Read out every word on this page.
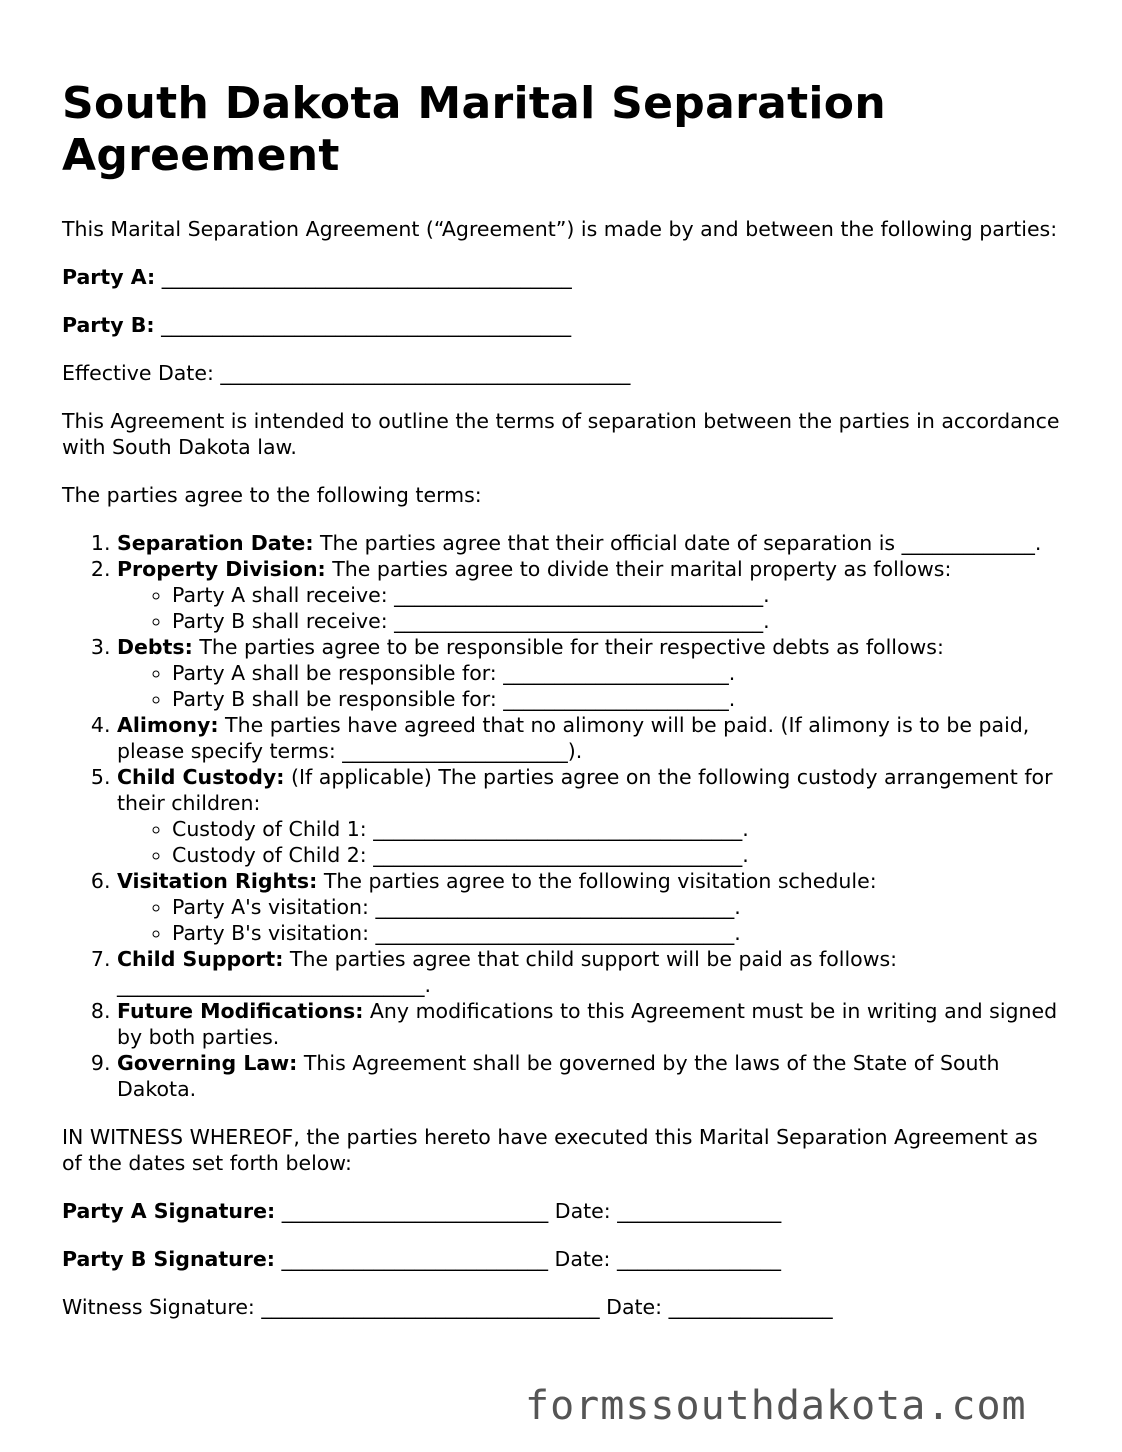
South Dakota Marital Separation Agreement

This Marital Separation Agreement (“Agreement”) is made by and between the following parties:

Party A: ________________________________________

Party B: ________________________________________

Effective Date: ________________________________________

This Agreement is intended to outline the terms of separation between the parties in accordance with South Dakota law.

The parties agree to the following terms:

1. Separation Date: The parties agree that their official date of separation is _____________.
2. Property Division: The parties agree to divide their marital property as follows:
◦ Party A shall receive: ____________________________________.
◦ Party B shall receive: ____________________________________.
3. Debts: The parties agree to be responsible for their respective debts as follows:
◦ Party A shall be responsible for: ______________________.
◦ Party B shall be responsible for: ______________________.
4. Alimony: The parties have agreed that no alimony will be paid. (If alimony is to be paid, please specify terms: ______________________).
5. Child Custody: (If applicable) The parties agree on the following custody arrangement for their children:
◦ Custody of Child 1: ____________________________________.
◦ Custody of Child 2: ____________________________________.
6. Visitation Rights: The parties agree to the following visitation schedule:
◦ Party A's visitation: ___________________________________.
◦ Party B's visitation: ___________________________________.
7. Child Support: The parties agree that child support will be paid as follows: ______________________________.
8. Future Modifications: Any modifications to this Agreement must be in writing and signed by both parties.
9. Governing Law: This Agreement shall be governed by the laws of the State of South Dakota.

IN WITNESS WHEREOF, the parties hereto have executed this Marital Separation Agreement as of the dates set forth below:

Party A Signature: __________________________ Date: ________________

Party B Signature: __________________________ Date: ________________

Witness Signature: _________________________________ Date: ________________

formssouthdakota.com
